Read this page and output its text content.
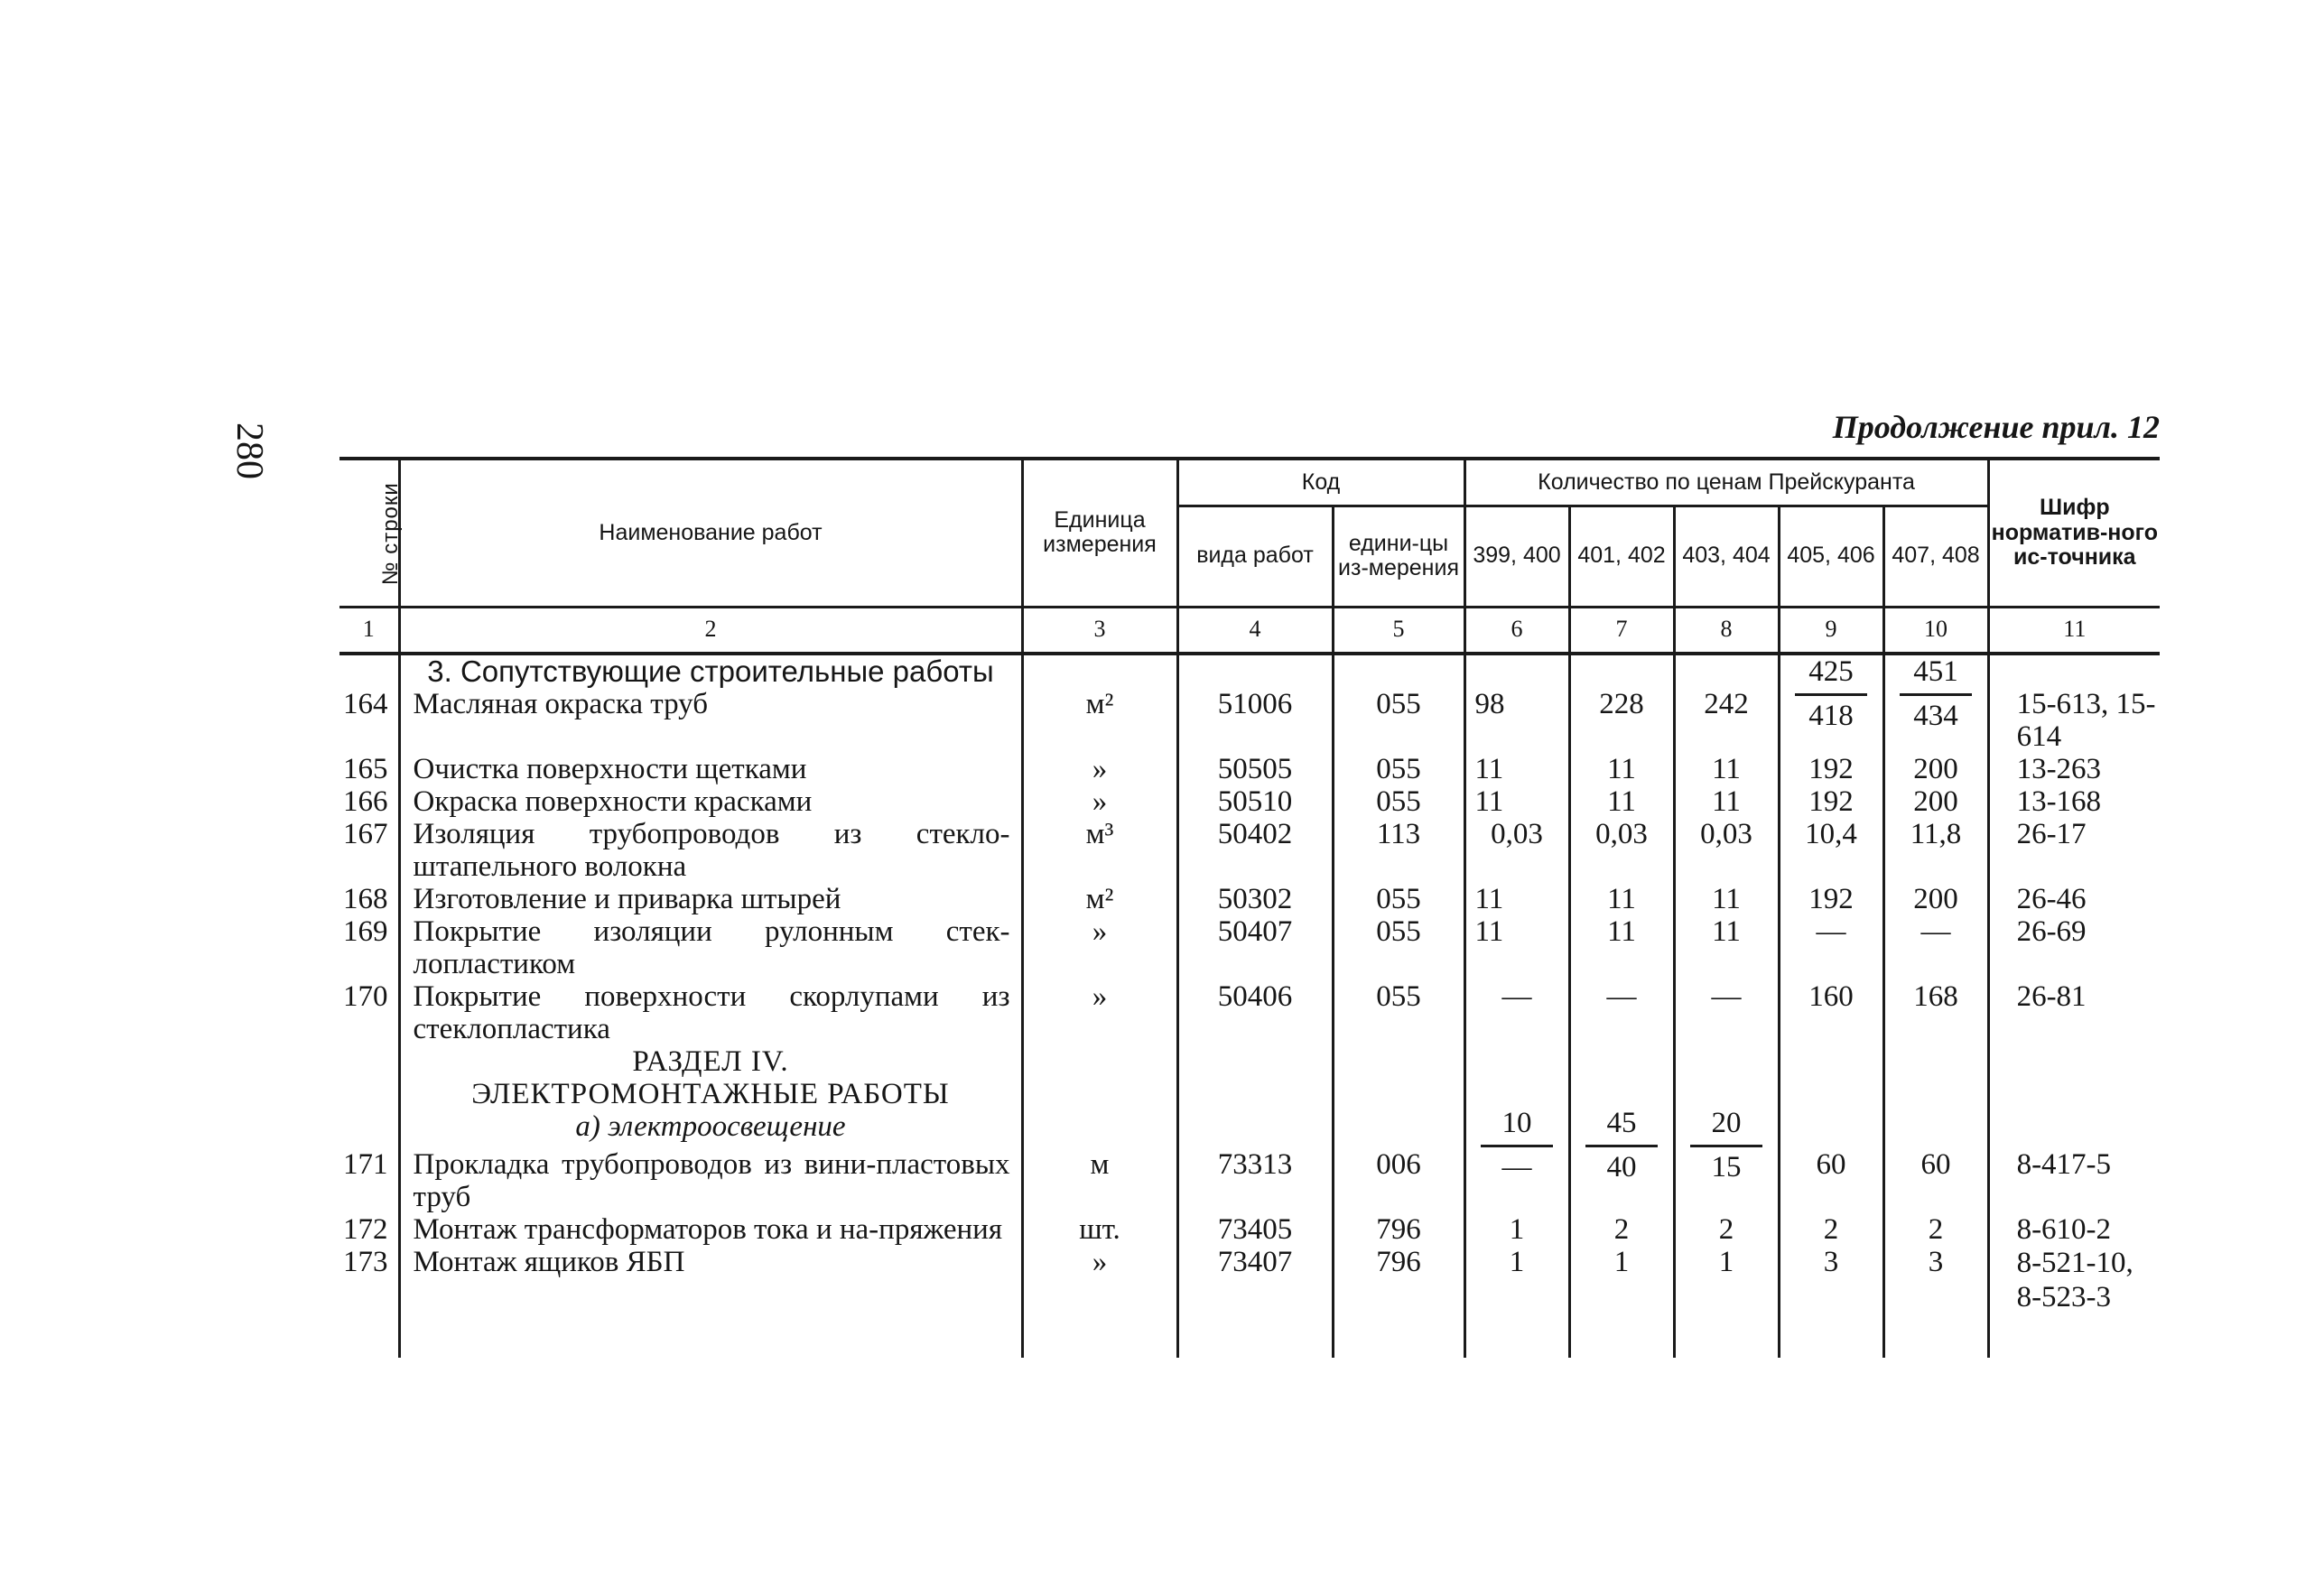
280	Продолжение прил. 12
№ строки	Наименование работ	Единица измерения	Код		Количество по ценам Прейскуранта					Шифр норматив-ного ис-точника
			вида работ	едини-цы из-мерения	399, 400	401, 402	403, 404	405, 406	407, 408	
1	2	3	4	5	6	7	8	9	10	11
	3. Сопутствующие строительные работы									
164	Масляная окраска труб	м²	51006	055	98	228	242	$\frac{425}{418}$	$\frac{451}{434}$	15-613, 15-614
165	Очистка поверхности щетками	»	50505	055	11	11	11	192	200	13-263
166	Окраска поверхности красками	»	50510	055	11	11	11	192	200	13-168
167	Изоляция трубопроводов из стекло-штапельного волокна	м³	50402	113	0,03	0,03	0,03	10,4	11,8	26-17
168	Изготовление и приварка штырей	м²	50302	055	11	11	11	192	200	26-46
169	Покрытие изоляции рулонным стек-лопластиком	»	50407	055	11	11	11	—	—	26-69
170	Покрытие поверхности скорлупами из стеклопластика	»	50406	055	—	—	—	160	168	26-81

	РАЗДЕЛ IV.
ЭЛЕКТРОМОНТАЖНЫЕ РАБОТЫ									

	а) электроосвещение									
171	Прокладка трубопроводов из вини-пластовых труб	м	73313	006	$\frac{10}{—}$	$\frac{45}{40}$	$\frac{20}{15}$	60	60	8-417-5
172	Монтаж трансформаторов тока и на-пряжения	шт.	73405	796	1	2	2	2	2	8-610-2
173	Монтаж ящиков ЯБП	»	73407	796	1	1	1	3	3	8-521-10, 8-523-3
